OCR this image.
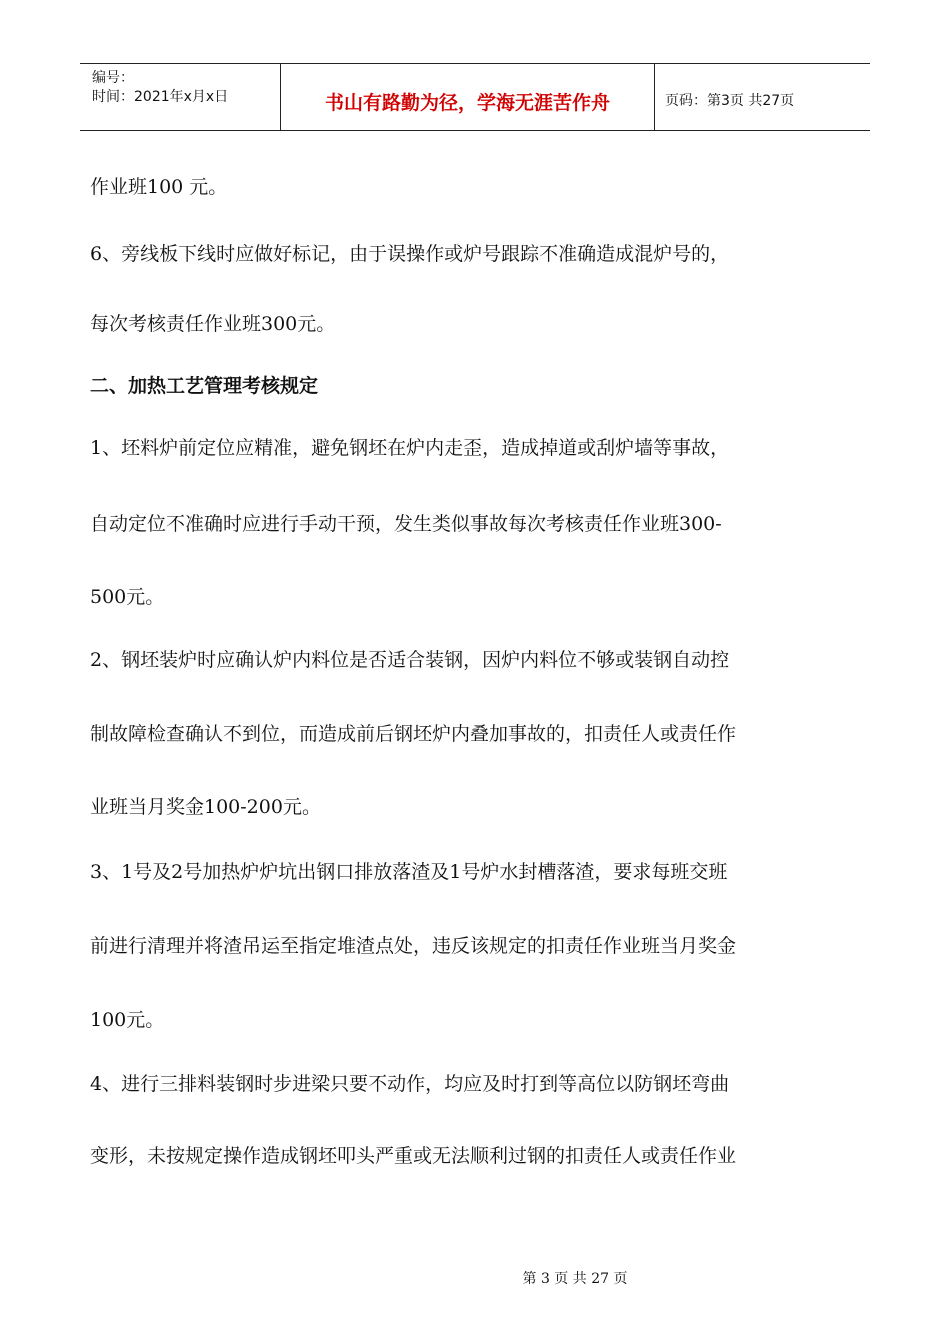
编号：
时间：2021年x月x日	书山有路勤为径，学海无涯苦作舟	页码：第3页 共27页
作业班100 元。
6、旁线板下线时应做好标记，由于误操作或炉号跟踪不准确造成混炉号的，
每次考核责任作业班300元。
二、加热工艺管理考核规定
1、坯料炉前定位应精准，避免钢坯在炉内走歪，造成掉道或刮炉墙等事故，
自动定位不准确时应进行手动干预，发生类似事故每次考核责任作业班300-
500元。
2、钢坯装炉时应确认炉内料位是否适合装钢，因炉内料位不够或装钢自动控
制故障检查确认不到位，而造成前后钢坯炉内叠加事故的，扣责任人或责任作
业班当月奖金100-200元。
3、1号及2号加热炉炉坑出钢口排放落渣及1号炉水封槽落渣，要求每班交班
前进行清理并将渣吊运至指定堆渣点处，违反该规定的扣责任作业班当月奖金
100元。
4、进行三排料装钢时步进梁只要不动作，均应及时打到等高位以防钢坯弯曲
变形，未按规定操作造成钢坯叩头严重或无法顺利过钢的扣责任人或责任作业
第 3 页 共 27 页
